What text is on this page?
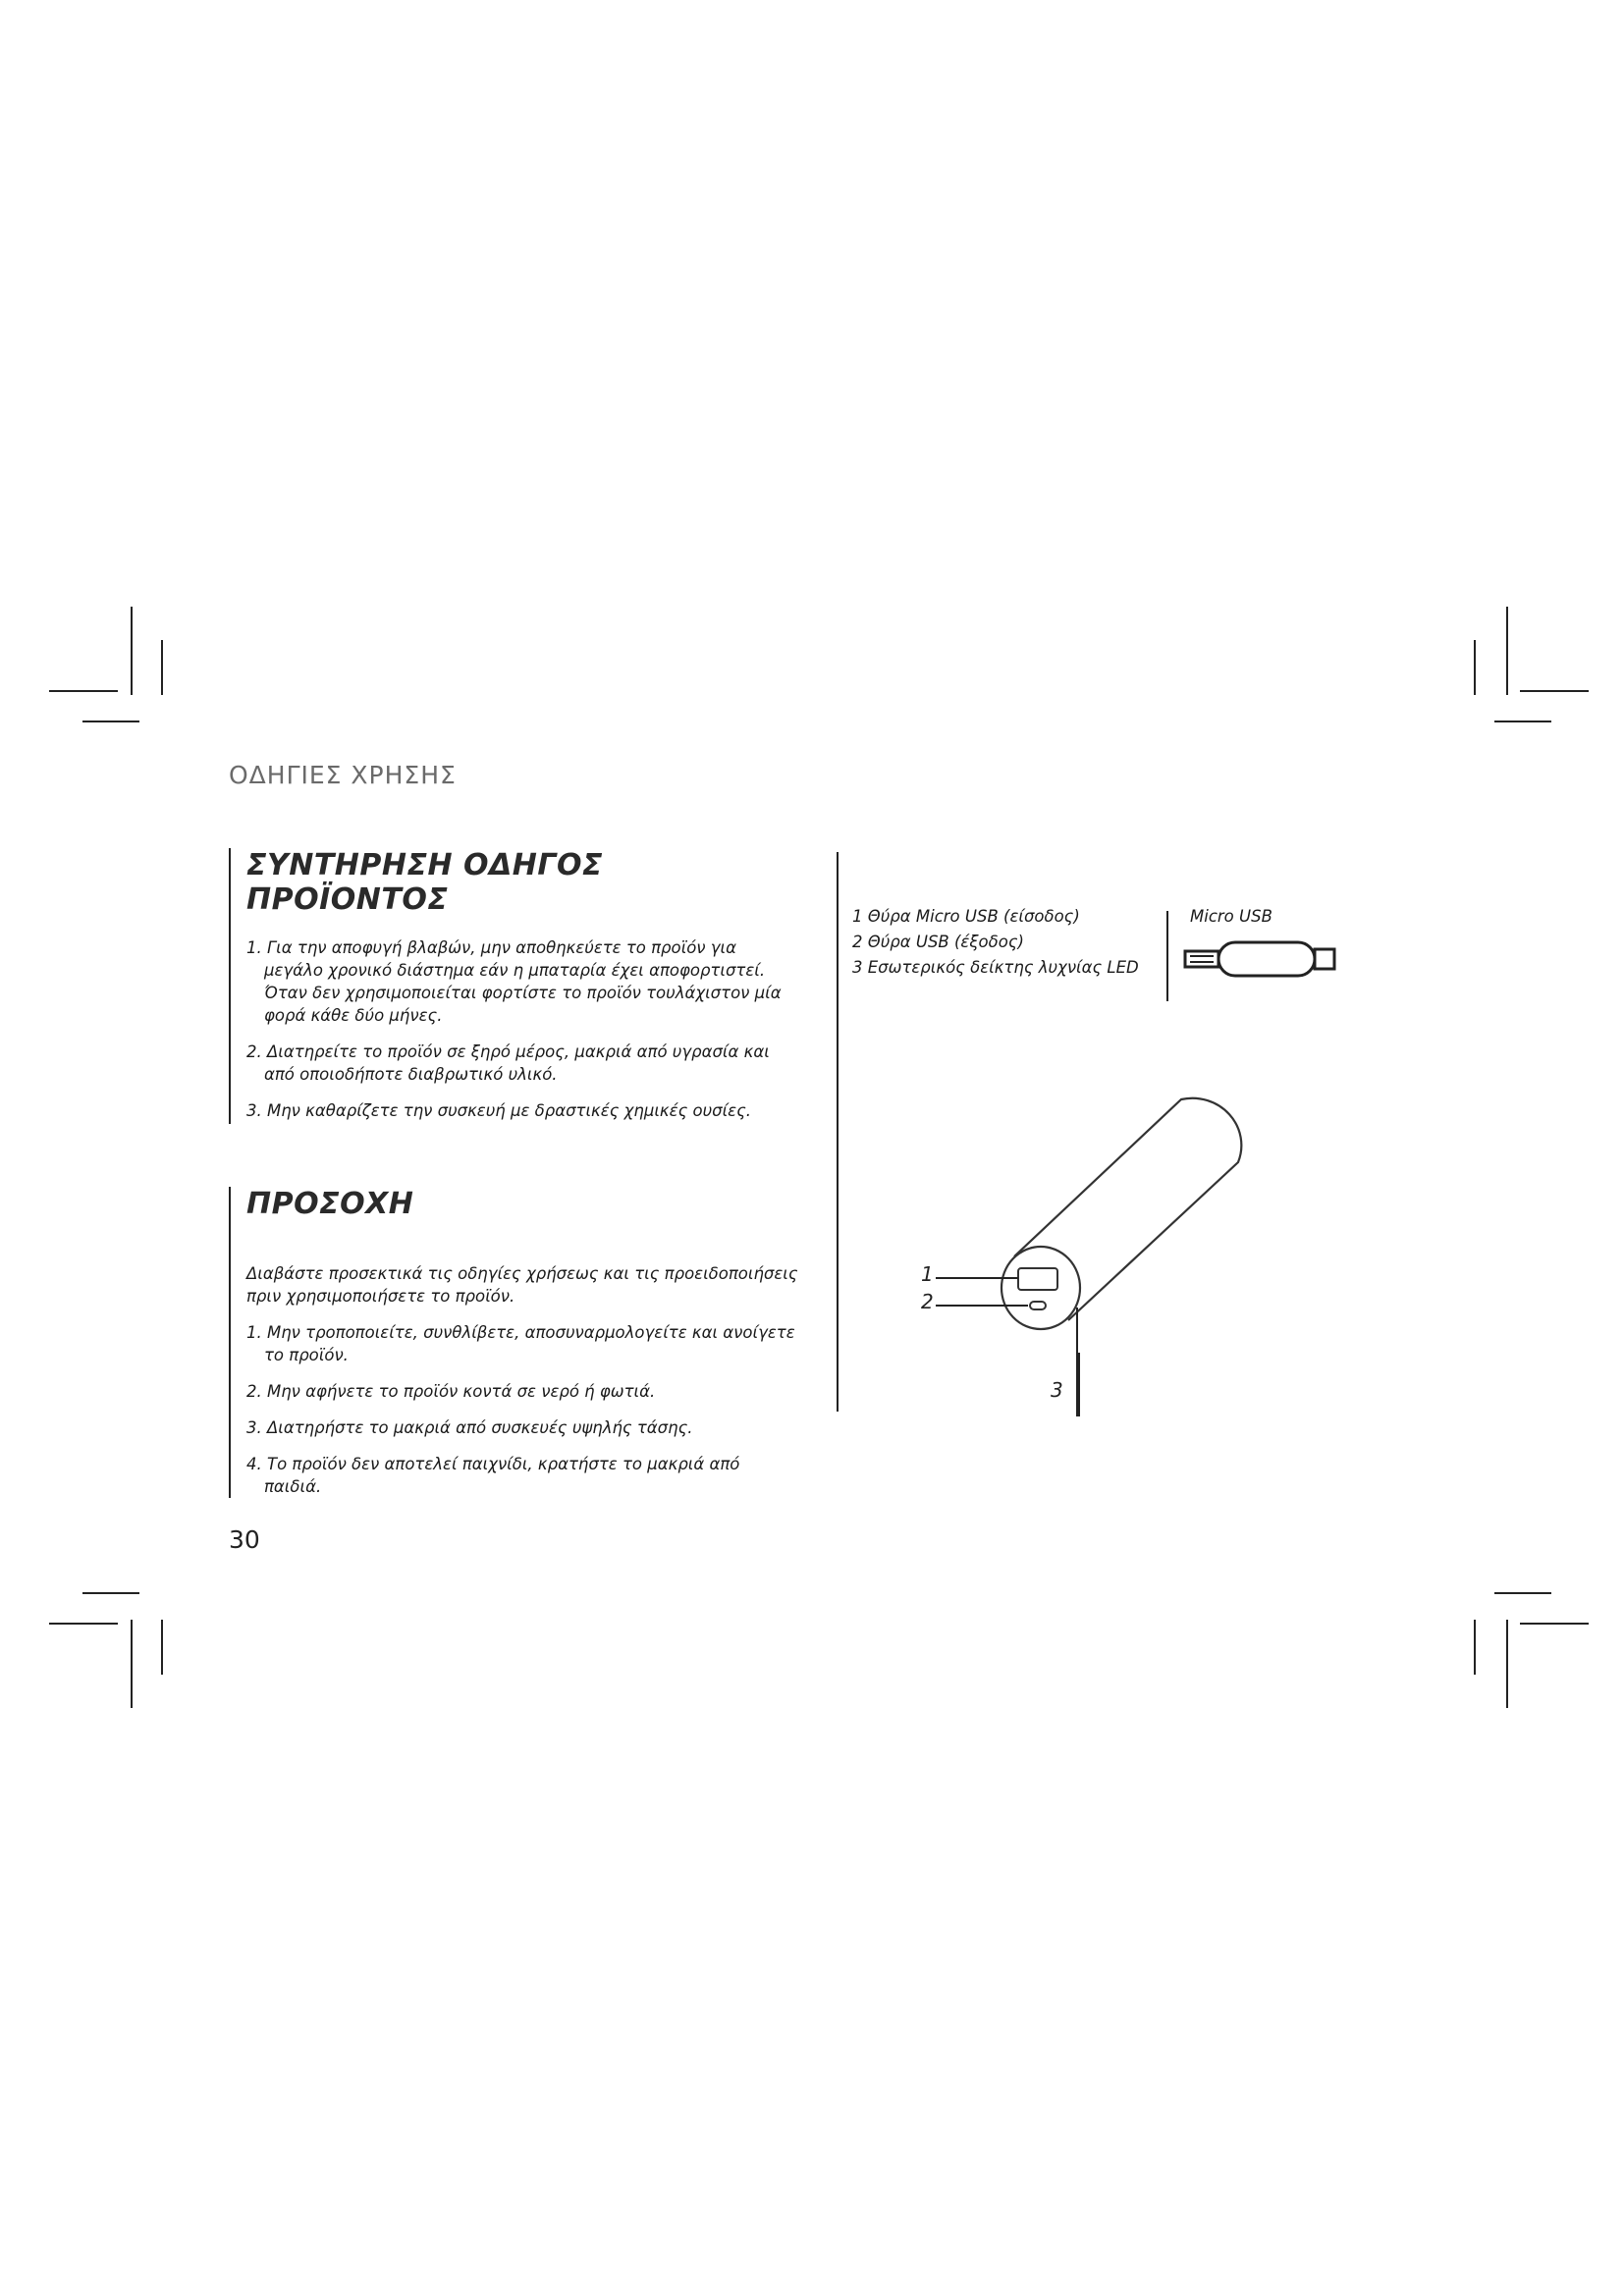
ΟΔΗΓΙΕΣ ΧΡΗΣΗΣ
ΣΥΝΤΗΡΗΣΗ ΟΔΗΓΟΣ ΠΡΟΪΟΝΤΟΣ
1. Για την αποφυγή βλαβών, μην αποθηκεύετε το προϊόν για μεγάλο χρονικό διάστημα εάν η μπαταρία έχει αποφορτιστεί. Όταν δεν χρησιμοποιείται φορτίστε το προϊόν τουλάχιστον μία φορά κάθε δύο μήνες.
2. Διατηρείτε το προϊόν σε ξηρό μέρος, μακριά από υγρασία και από οποιοδήποτε διαβρωτικό υλικό.
3. Μην καθαρίζετε την συσκευή με δραστικές χημικές ουσίες.
ΠΡΟΣΟΧΗ

Διαβάστε προσεκτικά τις οδηγίες χρήσεως και τις προειδοποιήσεις πριν χρησιμοποιήσετε το προϊόν.

1. Μην τροποποιείτε, συνθλίβετε, αποσυναρμολογείτε και ανοίγετε το προϊόν.
2. Μην αφήνετε το προϊόν κοντά σε νερό ή φωτιά.
3. Διατηρήστε το μακριά από συσκευές υψηλής τάσης.
4. Το προϊόν δεν αποτελεί παιχνίδι, κρατήστε το μακριά από παιδιά.
30
1 Θύρα Micro USB (είσοδος)
2 Θύρα USB (έξοδος)
3 Εσωτερικός δείκτης λυχνίας LED
Micro USB
1
2
3
